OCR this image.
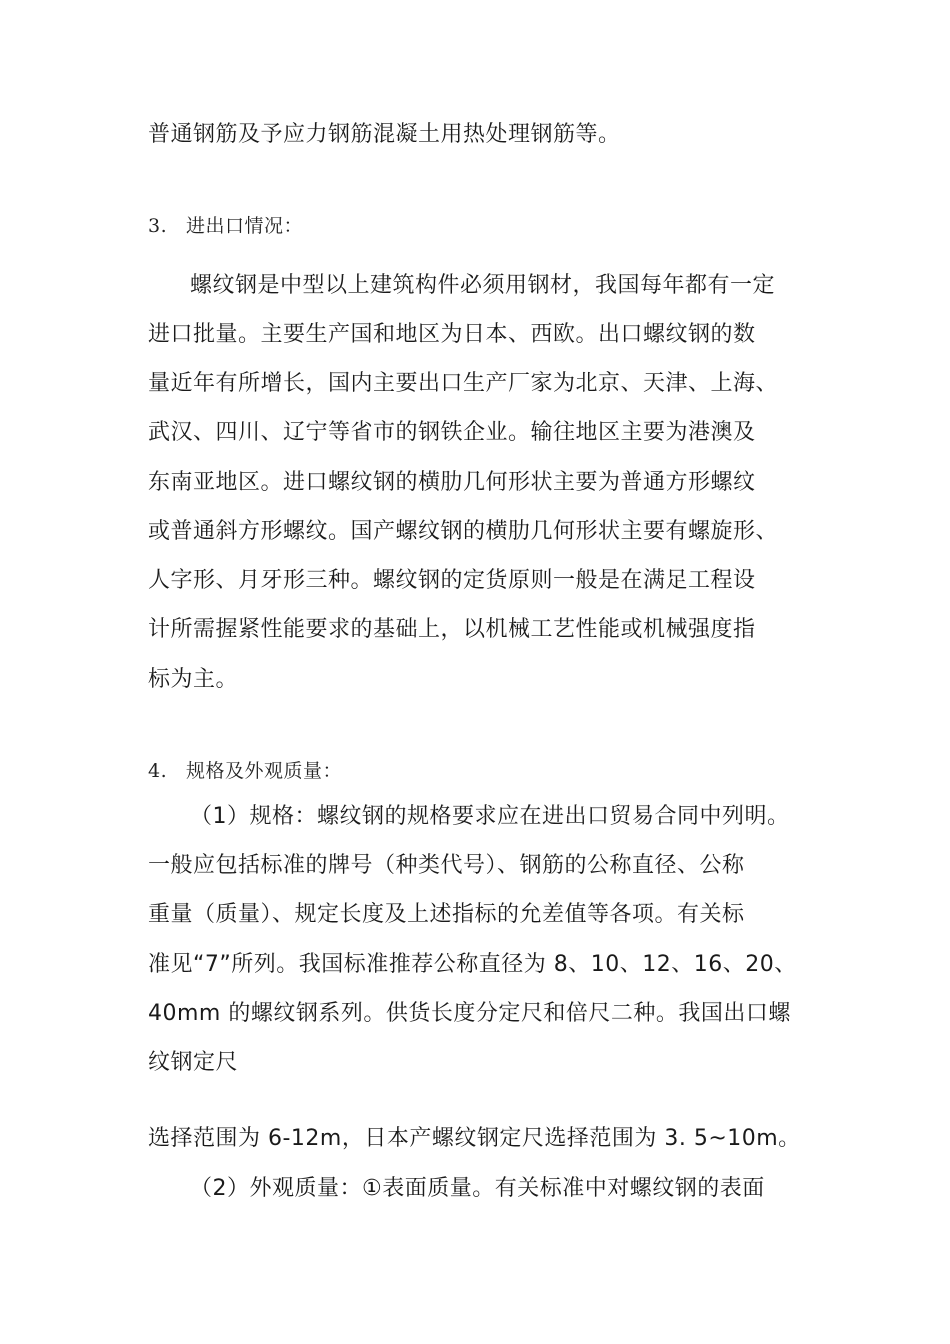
普通钢筋及予应力钢筋混凝土用热处理钢筋等。
3. 进出口情况：
螺纹钢是中型以上建筑构件必须用钢材，我国每年都有一定
进口批量。主要生产国和地区为日本、西欧。出口螺纹钢的数
量近年有所增长，国内主要出口生产厂家为北京、天津、上海、
武汉、四川、辽宁等省市的钢铁企业。输往地区主要为港澳及
东南亚地区。进口螺纹钢的横肋几何形状主要为普通方形螺纹
或普通斜方形螺纹。国产螺纹钢的横肋几何形状主要有螺旋形、
人字形、月牙形三种。螺纹钢的定货原则一般是在满足工程设
计所需握紧性能要求的基础上，以机械工艺性能或机械强度指
标为主。
4. 规格及外观质量：
（1）规格：螺纹钢的规格要求应在进出口贸易合同中列明。
一般应包括标准的牌号（种类代号）、钢筋的公称直径、公称
重量（质量）、规定长度及上述指标的允差值等各项。有关标
准见“7”所列。我国标准推荐公称直径为 8、10、12、16、20、
40mm 的螺纹钢系列。供货长度分定尺和倍尺二种。我国出口螺
纹钢定尺
选择范围为 6-12m，日本产螺纹钢定尺选择范围为 3. 5~10m。
（2）外观质量：①表面质量。有关标准中对螺纹钢的表面
